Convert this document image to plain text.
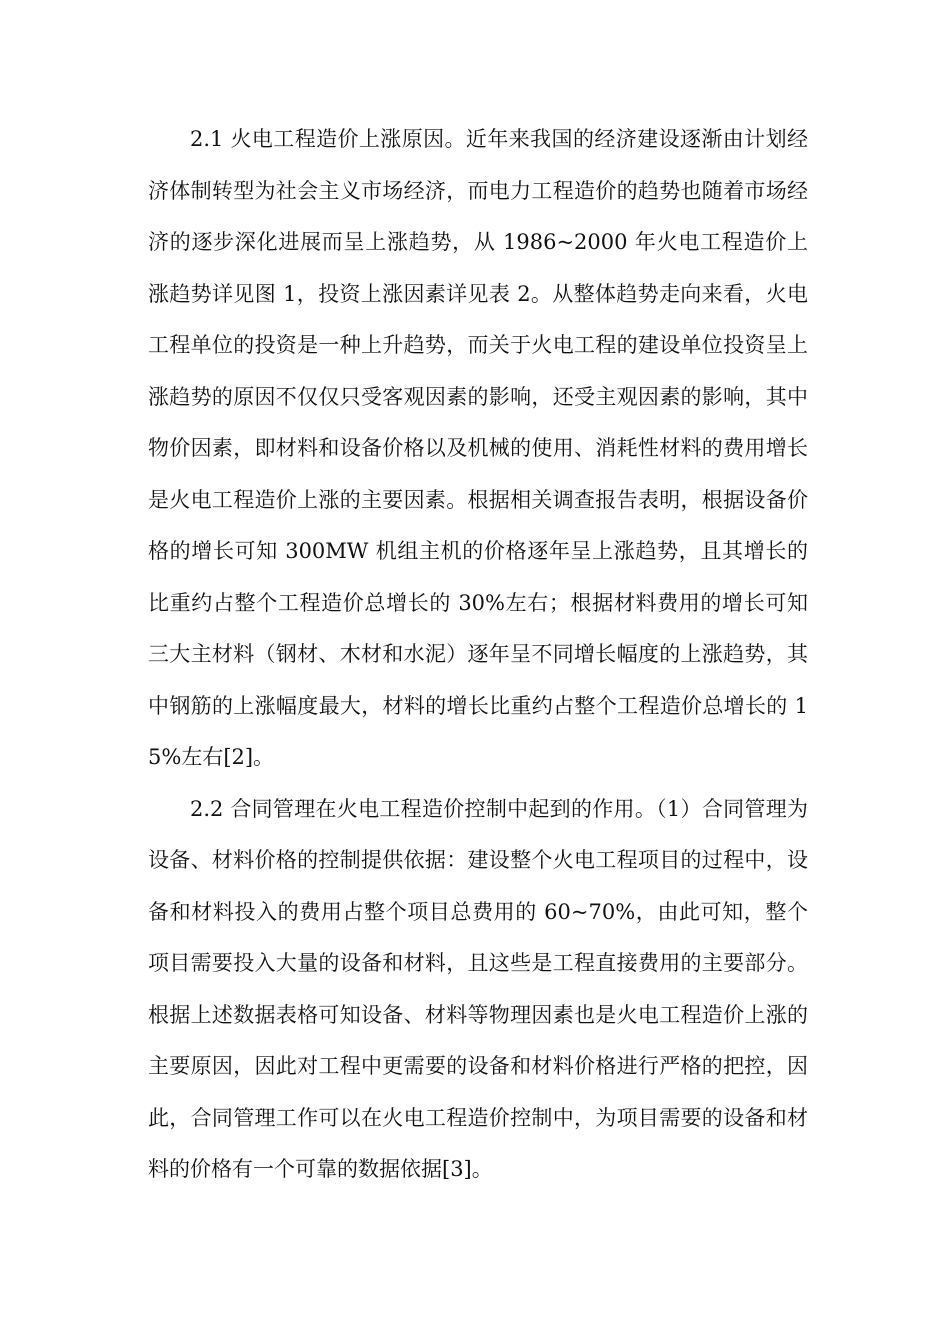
2.1 火电工程造价上涨原因。近年来我国的经济建设逐渐由计划经济体制转型为社会主义市场经济，而电力工程造价的趋势也随着市场经济的逐步深化进展而呈上涨趋势，从 1986~2000 年火电工程造价上涨趋势详见图 1，投资上涨因素详见表 2。从整体趋势走向来看，火电工程单位的投资是一种上升趋势，而关于火电工程的建设单位投资呈上涨趋势的原因不仅仅只受客观因素的影响，还受主观因素的影响，其中物价因素，即材料和设备价格以及机械的使用、消耗性材料的费用增长是火电工程造价上涨的主要因素。根据相关调查报告表明，根据设备价格的增长可知 300MW 机组主机的价格逐年呈上涨趋势，且其增长的比重约占整个工程造价总增长的 30%左右；根据材料费用的增长可知三大主材料（钢材、木材和水泥）逐年呈不同增长幅度的上涨趋势，其中钢筋的上涨幅度最大，材料的增长比重约占整个工程造价总增长的 15%左右[2]。

2.2 合同管理在火电工程造价控制中起到的作用。（1）合同管理为设备、材料价格的控制提供依据：建设整个火电工程项目的过程中，设备和材料投入的费用占整个项目总费用的 60~70%，由此可知，整个项目需要投入大量的设备和材料，且这些是工程直接费用的主要部分。根据上述数据表格可知设备、材料等物理因素也是火电工程造价上涨的主要原因，因此对工程中更需要的设备和材料价格进行严格的把控，因此，合同管理工作可以在火电工程造价控制中，为项目需要的设备和材料的价格有一个可靠的数据依据[3]。
